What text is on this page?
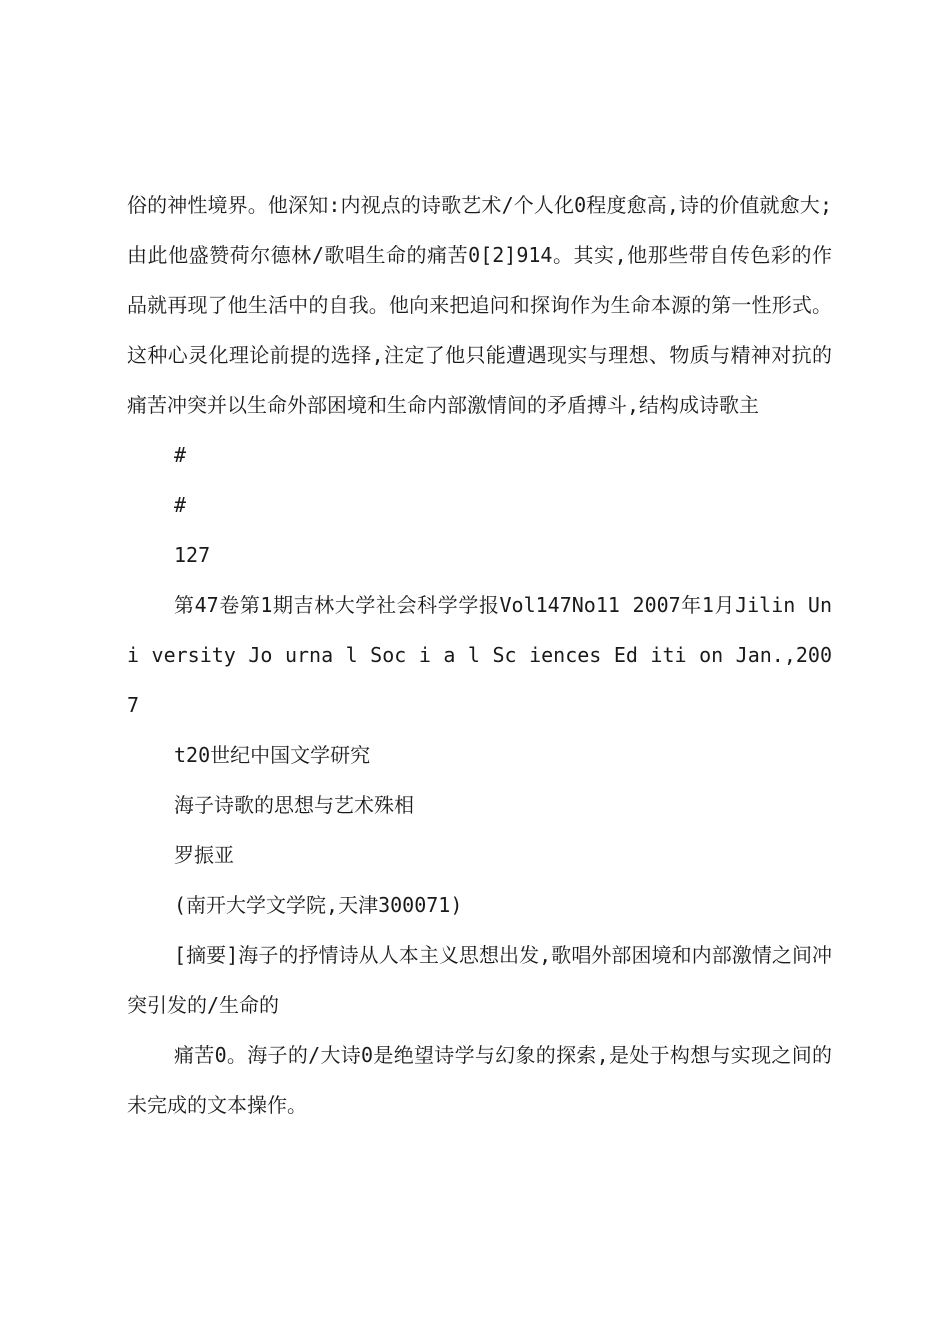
俗的神性境界。他深知:内视点的诗歌艺术/个人化0程度愈高,诗的价值就愈大;由此他盛赞荷尔德林/歌唱生命的痛苦0[2]914。其实,他那些带自传色彩的作品就再现了他生活中的自我。他向来把追问和探询作为生命本源的第一性形式。这种心灵化理论前提的选择,注定了他只能遭遇现实与理想、物质与精神对抗的痛苦冲突并以生命外部困境和生命内部激情间的矛盾搏斗,结构成诗歌主

#

#

127

第47卷第1期吉林大学社会科学学报Vol147No11 2007年1月Jilin Un i versity Jo urna l Soc i a l Sc iences Ed iti on Jan.,2007

t20世纪中国文学研究

海子诗歌的思想与艺术殊相

罗振亚

(南开大学文学院,天津300071)

[摘要]海子的抒情诗从人本主义思想出发,歌唱外部困境和内部激情之间冲突引发的/生命的

痛苦0。海子的/大诗0是绝望诗学与幻象的探索,是处于构想与实现之间的未完成的文本操作。
